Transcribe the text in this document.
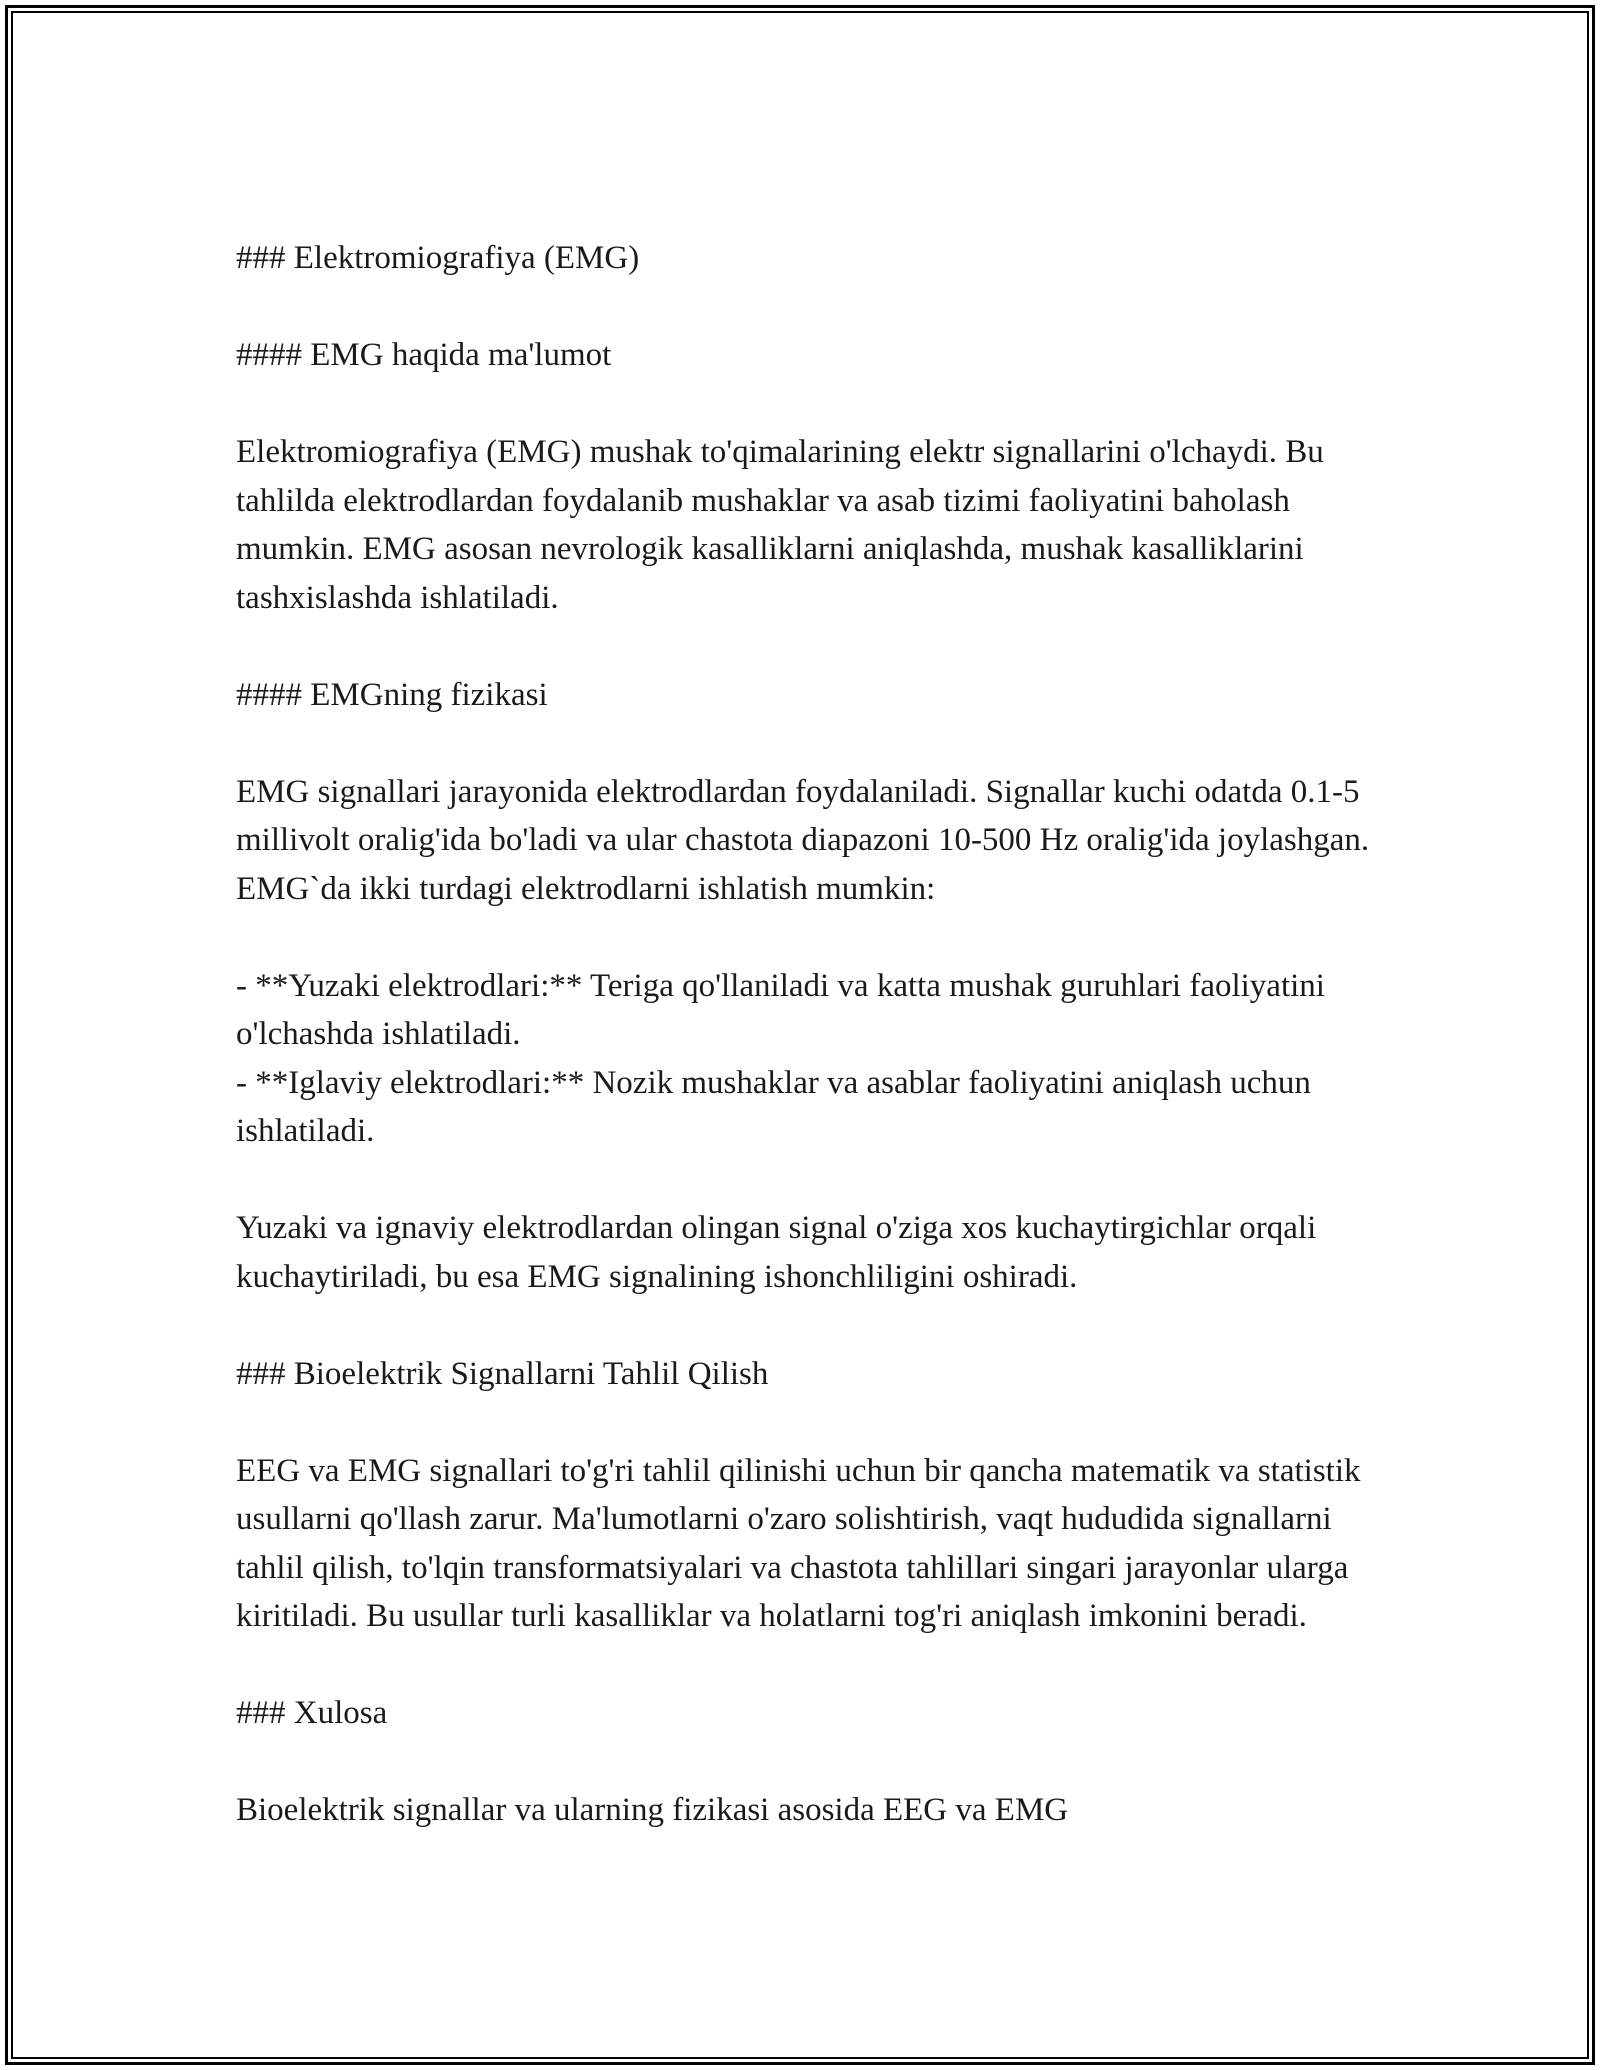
### Elektromiografiya (EMG)

#### EMG haqida ma'lumot

Elektromiografiya (EMG) mushak to'qimalarining elektr signallarini o'lchaydi. Bu tahlilda elektrodlardan foydalanib mushaklar va asab tizimi faoliyatini baholash mumkin. EMG asosan nevrologik kasalliklarni aniqlashda, mushak kasalliklarini tashxislashda ishlatiladi.

#### EMGning fizikasi

EMG signallari jarayonida elektrodlardan foydalaniladi. Signallar kuchi odatda 0.1-5 millivolt oralig'ida bo'ladi va ular chastota diapazoni 10-500 Hz oralig'ida joylashgan. EMG`da ikki turdagi elektrodlarni ishlatish mumkin:

- **Yuzaki elektrodlari:** Teriga qo'llaniladi va katta mushak guruhlari faoliyatini o'lchashda ishlatiladi.

- **Iglaviy elektrodlari:** Nozik mushaklar va asablar faoliyatini aniqlash uchun ishlatiladi.

Yuzaki va ignaviy elektrodlardan olingan signal o'ziga xos kuchaytirgichlar orqali kuchaytiriladi, bu esa EMG signalining ishonchliligini oshiradi.

### Bioelektrik Signallarni Tahlil Qilish

EEG va EMG signallari to'g'ri tahlil qilinishi uchun bir qancha matematik va statistik usullarni qo'llash zarur. Ma'lumotlarni o'zaro solishtirish, vaqt hududida signallarni tahlil qilish, to'lqin transformatsiyalari va chastota tahlillari singari jarayonlar ularga kiritiladi. Bu usullar turli kasalliklar va holatlarni tog'ri aniqlash imkonini beradi.

### Xulosa

Bioelektrik signallar va ularning fizikasi asosida EEG va EMG
